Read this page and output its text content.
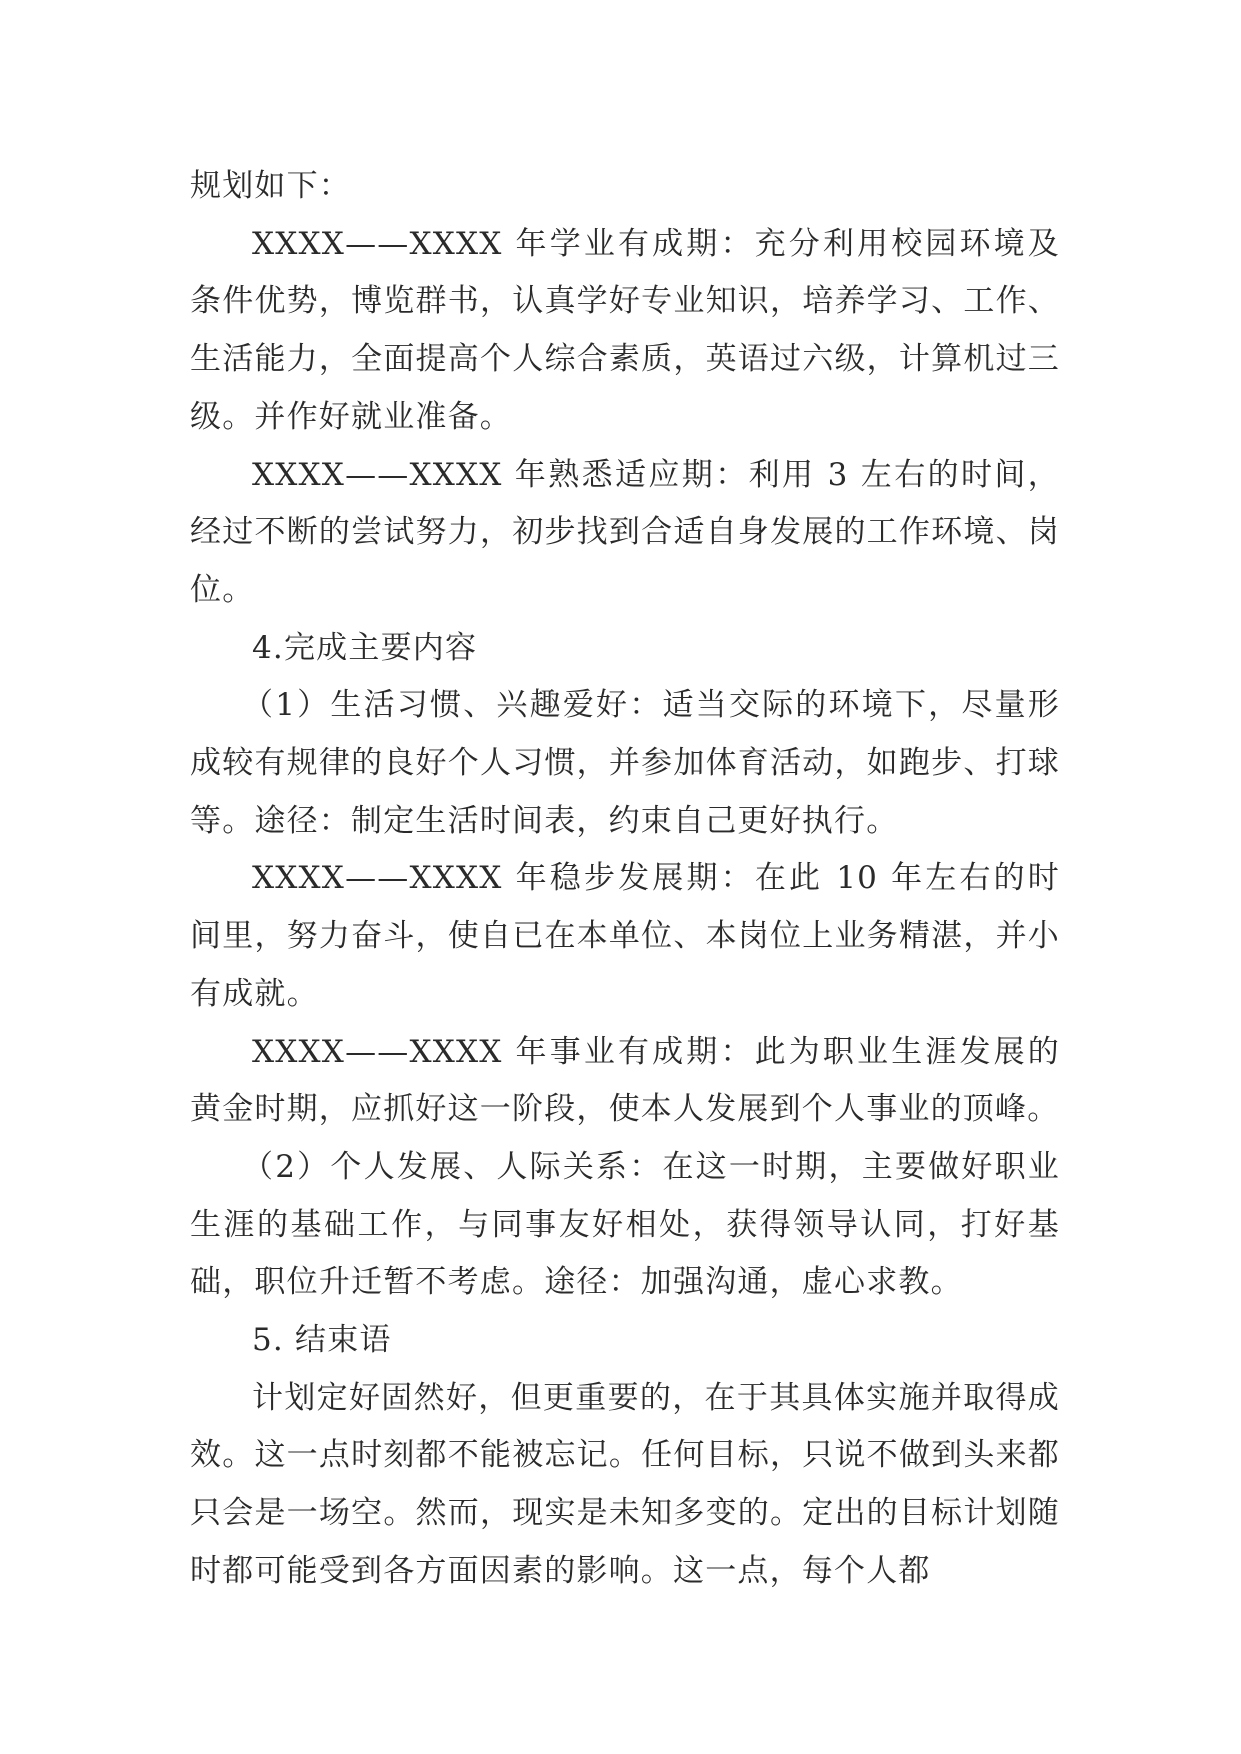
规划如下：

XXXX——XXXX 年学业有成期：充分利用校园环境及条件优势，博览群书，认真学好专业知识，培养学习、工作、生活能力，全面提高个人综合素质，英语过六级，计算机过三级。并作好就业准备。

XXXX——XXXX 年熟悉适应期：利用 3 左右的时间，经过不断的尝试努力，初步找到合适自身发展的工作环境、岗位。

4.完成主要内容

（1）生活习惯、兴趣爱好：适当交际的环境下，尽量形成较有规律的良好个人习惯，并参加体育活动，如跑步、打球等。途径：制定生活时间表，约束自己更好执行。

XXXX——XXXX 年稳步发展期：在此 10 年左右的时间里，努力奋斗，使自已在本单位、本岗位上业务精湛，并小有成就。

XXXX——XXXX 年事业有成期：此为职业生涯发展的黄金时期，应抓好这一阶段，使本人发展到个人事业的顶峰。

（2）个人发展、人际关系：在这一时期，主要做好职业生涯的基础工作，与同事友好相处，获得领导认同，打好基础，职位升迁暂不考虑。途径：加强沟通，虚心求教。

5. 结束语

计划定好固然好，但更重要的，在于其具体实施并取得成效。这一点时刻都不能被忘记。任何目标，只说不做到头来都只会是一场空。然而，现实是未知多变的。定出的目标计划随时都可能受到各方面因素的影响。这一点，每个人都
